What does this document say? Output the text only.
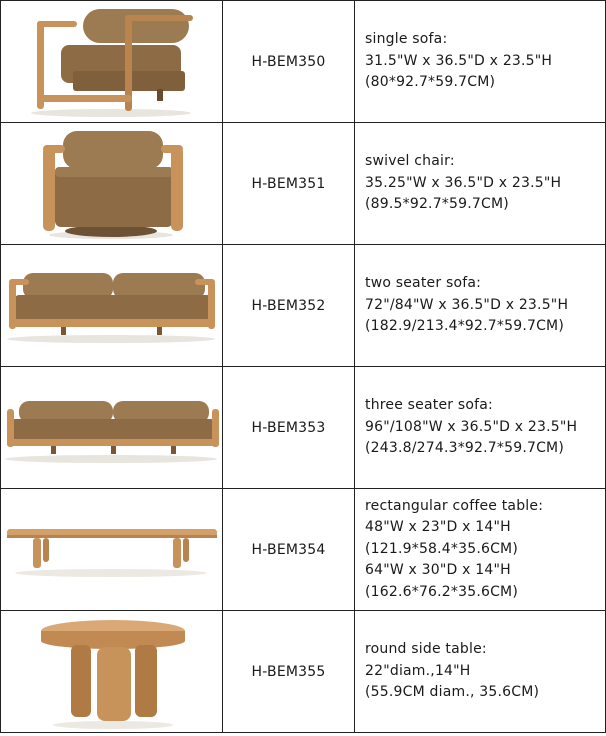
	H-BEM350	single sofa:
31.5"W x 36.5"D x 23.5"H
(80*92.7*59.7CM)

	H-BEM351	swivel chair:
35.25"W x 36.5"D x 23.5"H
(89.5*92.7*59.7CM)

	H-BEM352	two seater sofa:
72"/84"W x 36.5"D x 23.5"H
(182.9/213.4*92.7*59.7CM)

	H-BEM353	three seater sofa:
96"/108"W x 36.5"D x 23.5"H
(243.8/274.3*92.7*59.7CM)

	H-BEM354	rectangular coffee table:
48"W x 23"D x 14"H
(121.9*58.4*35.6CM)
64"W x 30"D x 14"H
(162.6*76.2*35.6CM)

	H-BEM355	round side table:
22"diam.,14"H
(55.9CM diam., 35.6CM)
